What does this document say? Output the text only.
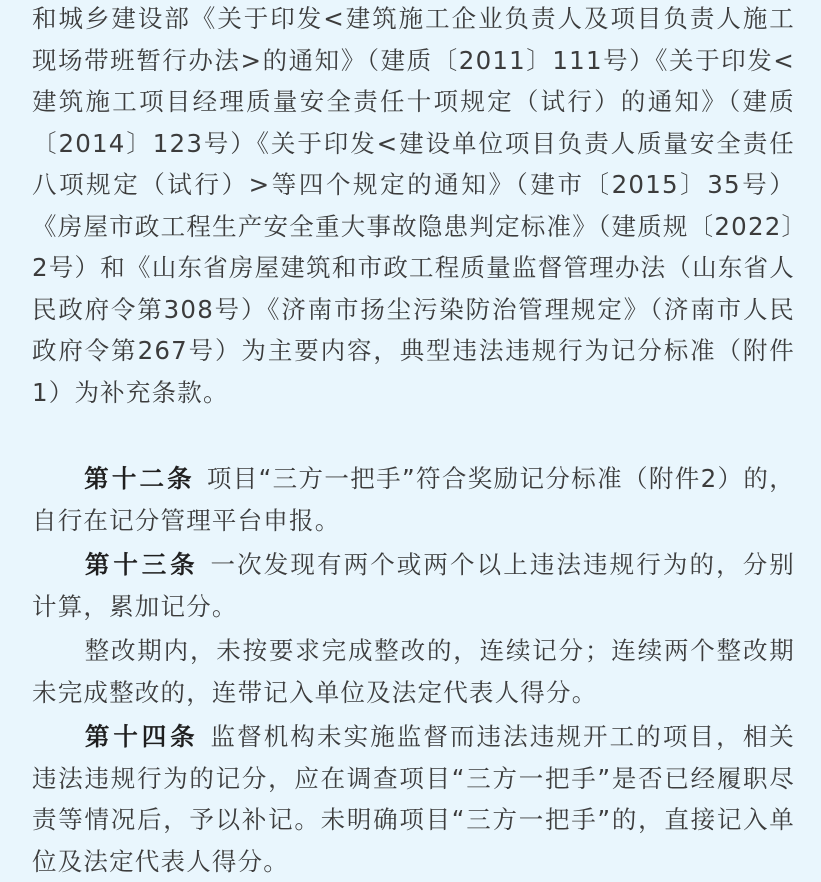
和城乡建设部《关于印发<建筑施工企业负责人及项目负责人施工现场带班暂行办法>的通知》（建质〔2011〕111号）《关于印发<建筑施工项目经理质量安全责任十项规定（试行）的通知》（建质〔2014〕123号）《关于印发<建设单位项目负责人质量安全责任八项规定（试行）>等四个规定的通知》（建市〔2015〕35号）《房屋市政工程生产安全重大事故隐患判定标准》（建质规〔2022〕2号）和《山东省房屋建筑和市政工程质量监督管理办法（山东省人民政府令第308号）《济南市扬尘污染防治管理规定》（济南市人民政府令第267号）为主要内容，典型违法违规行为记分标准（附件1）为补充条款。

第十二条 项目“三方一把手”符合奖励记分标准（附件2）的，自行在记分管理平台申报。

第十三条 一次发现有两个或两个以上违法违规行为的，分别计算，累加记分。

整改期内，未按要求完成整改的，连续记分；连续两个整改期未完成整改的，连带记入单位及法定代表人得分。

第十四条 监督机构未实施监督而违法违规开工的项目，相关违法违规行为的记分，应在调查项目“三方一把手”是否已经履职尽责等情况后，予以补记。未明确项目“三方一把手”的，直接记入单位及法定代表人得分。
